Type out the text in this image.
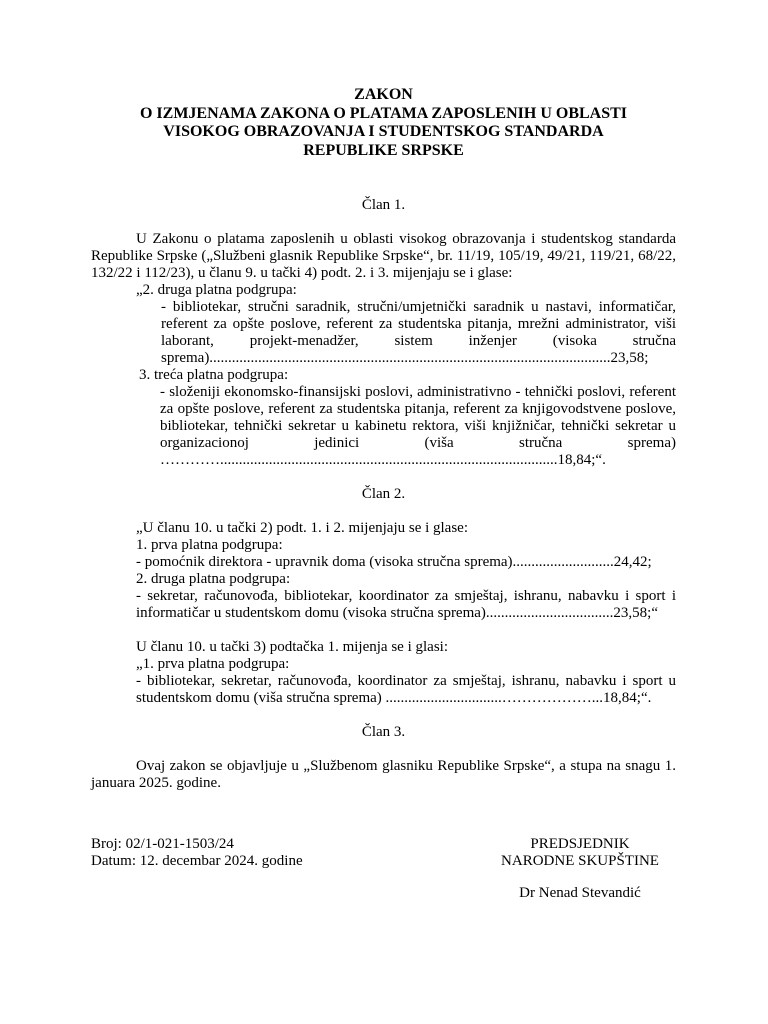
ZAKON
O IZMJENAMA ZAKONA O PLATAMA ZAPOSLENIH U OBLASTI
VISOKOG OBRAZOVANJA I STUDENTSKOG STANDARDA
REPUBLIKE SRPSKE
Član 1.

U Zakonu o platama zaposlenih u oblasti visokog obrazovanja i studentskog standarda Republike Srpske („Službeni glasnik Republike Srpske“, br. 11/19, 105/19, 49/21, 119/21, 68/22, 132/22 i 112/23), u članu 9. u tački 4) podt. 2. i 3. mijenjaju se i glase:

„2. druga platna podgrupa:

- bibliotekar, stručni saradnik, stručni/umjetnički saradnik u nastavi, informatičar, referent za opšte poslove, referent za studentska pitanja, mrežni administrator, viši laborant, projekt-menadžer, sistem inženjer (visoka stručna sprema)...........................................................................................................23,58;

3. treća platna podgrupa:

- složeniji ekonomsko-finansijski poslovi, administrativno - tehnički poslovi, referent za opšte poslove, referent za studentska pitanja, referent za knjigovodstvene poslove, bibliotekar, tehnički sekretar u kabinetu rektora, viši knjižničar, tehnički sekretar u organizacionoj jedinici (viša stručna sprema) …………..........................................................................................18,84;“.

Član 2.

„U članu 10. u tački 2) podt. 1. i 2. mijenjaju se i glase:

1. prva platna podgrupa:

- pomoćnik direktora - upravnik doma (visoka stručna sprema)...........................24,42;

2. druga platna podgrupa:

- sekretar, računovođa, bibliotekar, koordinator za smještaj, ishranu, nabavku i sport i informatičar u studentskom domu (visoka stručna sprema)..................................23,58;“

U članu 10. u tački 3) podtačka 1. mijenja se i glasi:

„1. prva platna podgrupa:

- bibliotekar, sekretar, računovođa, koordinator za smještaj, ishranu, nabavku i sport u studentskom domu (viša stručna sprema) ...............................………………...18,84;“.

Član 3.

Ovaj zakon se objavljuje u „Službenom glasniku Republike Srpske“, a stupa na snagu 1. januara 2025. godine.

Broj: 02/1-021-1503/24
Datum: 12. decembar 2024. godine
PREDSJEDNIK
NARODNE SKUPŠTINE
Dr Nenad Stevandić
